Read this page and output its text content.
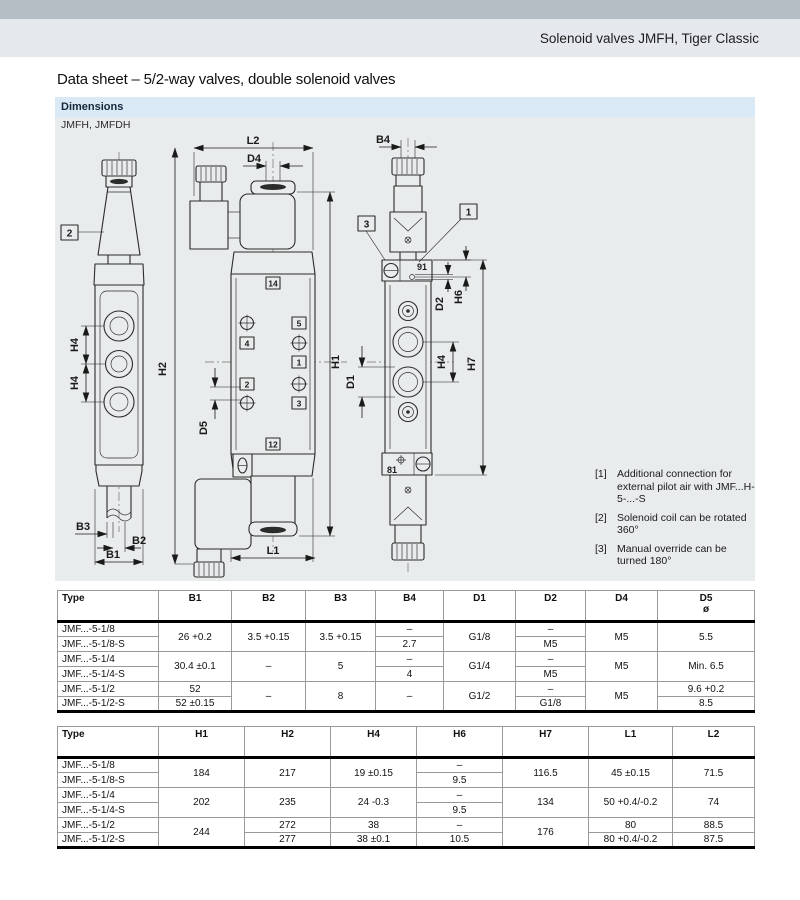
Solenoid valves JMFH, Tiger Classic
Data sheet – 5/2-way valves, double solenoid valves
Dimensions
JMFH, JMFDH
H4
H4
2
B3
B2
B1
L2
D4
H2
14
5
4
1
2
3
12
D5
H1
L1
B4
91
3
1
D1
H4
H6
D2
H7
81	[1] Additional connection for external pilot air with JMF...H-5-...-S
[2] Solenoid coil can be rotated 360°
[3] Manual override can be turned 180°
Type	B1	B2	B3	B4	D1	D2	D4	D5
ø
JMF...-5-1/8	26 +0.2	3.5 +0.15	3.5 +0.15	–	G1/8	–	M5	5.5
JMF...-5-1/8-S				2.7		M5		
JMF...-5-1/4	30.4 ±0.1	–	5	–	G1/4	–	M5	Min. 6.5
JMF...-5-1/4-S				4		M5		
JMF...-5-1/2	52	–	8	–	G1/2	–	M5	9.6 +0.2
JMF...-5-1/2-S	52 ±0.15					G1/8		8.5
Type	H1	H2	H4	H6	H7	L1	L2
JMF...-5-1/8	184	217	19 ±0.15	–	116.5	45 ±0.15	71.5
JMF...-5-1/8-S				9.5			
JMF...-5-1/4	202	235	24 -0.3	–	134	50 +0.4/-0.2	74
JMF...-5-1/4-S				9.5			
JMF...-5-1/2	244	272	38	–	176	80	88.5
JMF...-5-1/2-S		277	38 ±0.1	10.5		80 +0.4/-0.2	87.5
